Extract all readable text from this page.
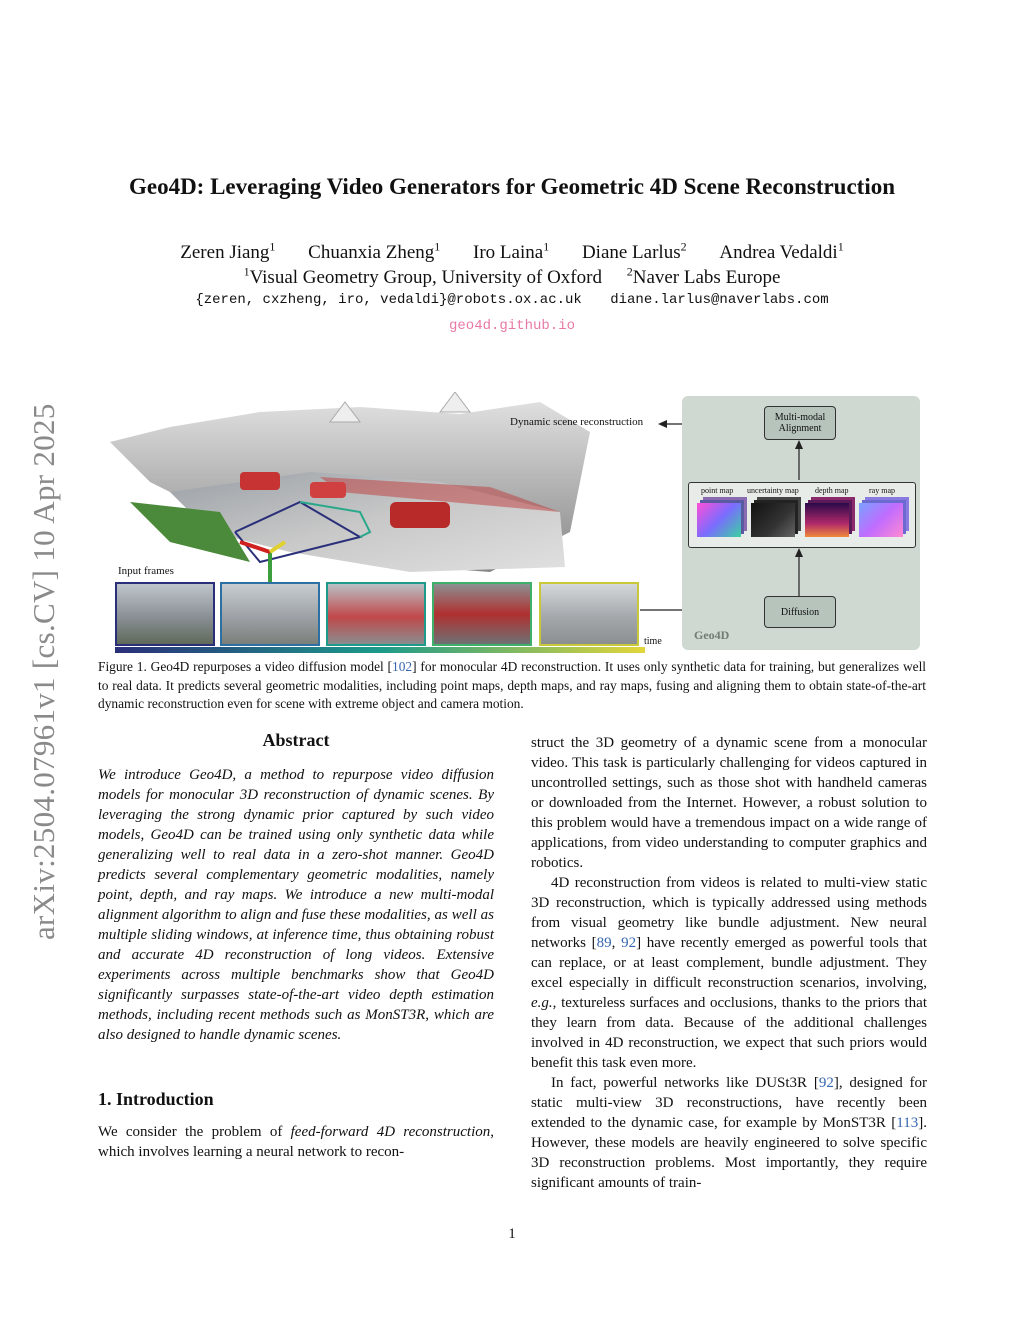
arXiv:2504.07961v1 [cs.CV] 10 Apr 2025
Geo4D: Leveraging Video Generators for Geometric 4D Scene Reconstruction
Zeren Jiang$^1$ Chuanxia Zheng$^1$ Iro Laina$^1$ Diane Larlus$^2$ Andrea Vedaldi$^1$
$^1$Visual Geometry Group, University of Oxford $^2$Naver Labs Europe
{zeren, cxzheng, iro, vedaldi}@robots.ox.ac.uk diane.larlus@naverlabs.com
geo4d.github.io
Dynamic scene reconstruction
Input frames
time
Multi-modal Alignment
point map uncertainty map depth map	ray map
Diffusion
Geo4D
Figure 1. Geo4D repurposes a video diffusion model [102] for monocular 4D reconstruction. It uses only synthetic data for training, but generalizes well to real data. It predicts several geometric modalities, including point maps, depth maps, and ray maps, fusing and aligning them to obtain state-of-the-art dynamic reconstruction even for scene with extreme object and camera motion.
Abstract

We introduce Geo4D, a method to repurpose video diffusion models for monocular 3D reconstruction of dynamic scenes. By leveraging the strong dynamic prior captured by such video models, Geo4D can be trained using only synthetic data while generalizing well to real data in a zero-shot manner. Geo4D predicts several complementary geometric modalities, namely point, depth, and ray maps. We introduce a new multi-modal alignment algorithm to align and fuse these modalities, as well as multiple sliding windows, at inference time, thus obtaining robust and accurate 4D reconstruction of long videos. Extensive experiments across multiple benchmarks show that Geo4D significantly surpasses state-of-the-art video depth estimation methods, including recent methods such as MonST3R, which are also designed to handle dynamic scenes.

1. Introduction

We consider the problem of feed-forward 4D reconstruction, which involves learning a neural network to recon-

struct the 3D geometry of a dynamic scene from a monocular video. This task is particularly challenging for videos captured in uncontrolled settings, such as those shot with handheld cameras or downloaded from the Internet. However, a robust solution to this problem would have a tremendous impact on a wide range of applications, from video understanding to computer graphics and robotics.

4D reconstruction from videos is related to multi-view static 3D reconstruction, which is typically addressed using methods from visual geometry like bundle adjustment. New neural networks [89, 92] have recently emerged as powerful tools that can replace, or at least complement, bundle adjustment. They excel especially in difficult reconstruction scenarios, involving, e.g., textureless surfaces and occlusions, thanks to the priors that they learn from data. Because of the additional challenges involved in 4D reconstruction, we expect that such priors would benefit this task even more.

In fact, powerful networks like DUSt3R [92], designed for static multi-view 3D reconstructions, have recently been extended to the dynamic case, for example by MonST3R [113]. However, these models are heavily engineered to solve specific 3D reconstruction problems. Most importantly, they require significant amounts of train-

1
